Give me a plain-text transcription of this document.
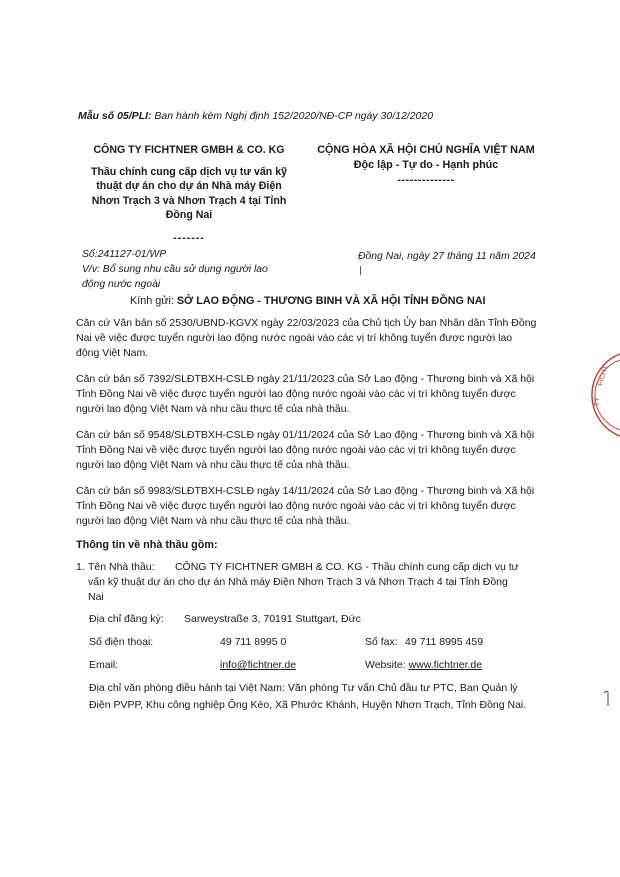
Mẫu số 05/PLI: Ban hành kèm Nghị định 152/2020/NĐ-CP ngày 30/12/2020
CÔNG TY FICHTNER GMBH & CO. KG
Thầu chính cung cấp dịch vụ tư vấn kỹ
thuật dự án cho dự án Nhà máy Điện
Nhơn Trạch 3 và Nhơn Trạch 4 tại Tỉnh
Đồng Nai
-------
CỘNG HÒA XÃ HỘI CHỦ NGHĨA VIỆT NAM
Độc lập - Tự do - Hạnh phúc
--------------
Số:241127-01/WP
V/v: Bổ sung nhu cầu sử dụng người lao
động nước ngoài
Đồng Nai, ngày 27 tháng 11 năm 2024
Kính gửi: SỞ LAO ĐỘNG - THƯƠNG BINH VÀ XÃ HỘI TỈNH ĐỒNG NAI

Căn cứ Văn bản số 2530/UBND-KGVX ngày 22/03/2023 của Chủ tịch Ủy ban Nhân dân Tỉnh Đồng
Nai về việc được tuyển người lao động nước ngoài vào các vị trí không tuyển được người lao
động Việt Nam.

Căn cứ bản số 7392/SLĐTBXH-CSLĐ ngày 21/11/2023 của Sở Lao động - Thương binh và Xã hội
Tỉnh Đồng Nai về việc được tuyển người lao động nước ngoài vào các vị trí không tuyển được
người lao động Việt Nam và nhu cầu thực tế của nhà thầu.

Căn cứ bản số 9548/SLĐTBXH-CSLĐ ngày 01/11/2024 của Sở Lao động - Thương binh và Xã hội
Tỉnh Đồng Nai về việc được tuyển người lao động nước ngoài vào các vị trí không tuyển được
người lao động Việt Nam và nhu cầu thực tế của nhà thầu.

Căn cứ bản số 9983/SLĐTBXH-CSLĐ ngày 14/11/2024 của Sở Lao động - Thương binh và Xã hội
Tỉnh Đồng Nai về việc được tuyển người lao động nước ngoài vào các vị trí không tuyển được
người lao động Việt Nam và nhu cầu thực tế của nhà thầu.

Thông tin về nhà thầu gồm:
1. Tên Nhà thầu:       CÔNG TY FICHTNER GMBH & CO. KG - Thầu chính cung cấp dịch vụ tư
vấn kỹ thuật dự án cho dự án Nhà máy Điện Nhơn Trạch 3 và Nhơn Trạch 4 tại Tỉnh Đồng
Nai
Địa chỉ đăng ký: Sarweystraße 3, 70191 Stuttgart, Đức
Số điện thoại:	49 711 8995 0	Số fax: 49 711 8995 459
Email:	info@fichtner.de	Website: www.fichtner.de
Địa chỉ văn phòng điều hành tại Việt Nam: Văn phòng Tư vấn Chủ đầu tư PTC, Ban Quản lý
Điện PVPP, Khu công nghiệp Ông Kèo, Xã Phước Khánh, Huyện Nhơn Trạch, Tỉnh Đồng Nai.
FICHT
TY
